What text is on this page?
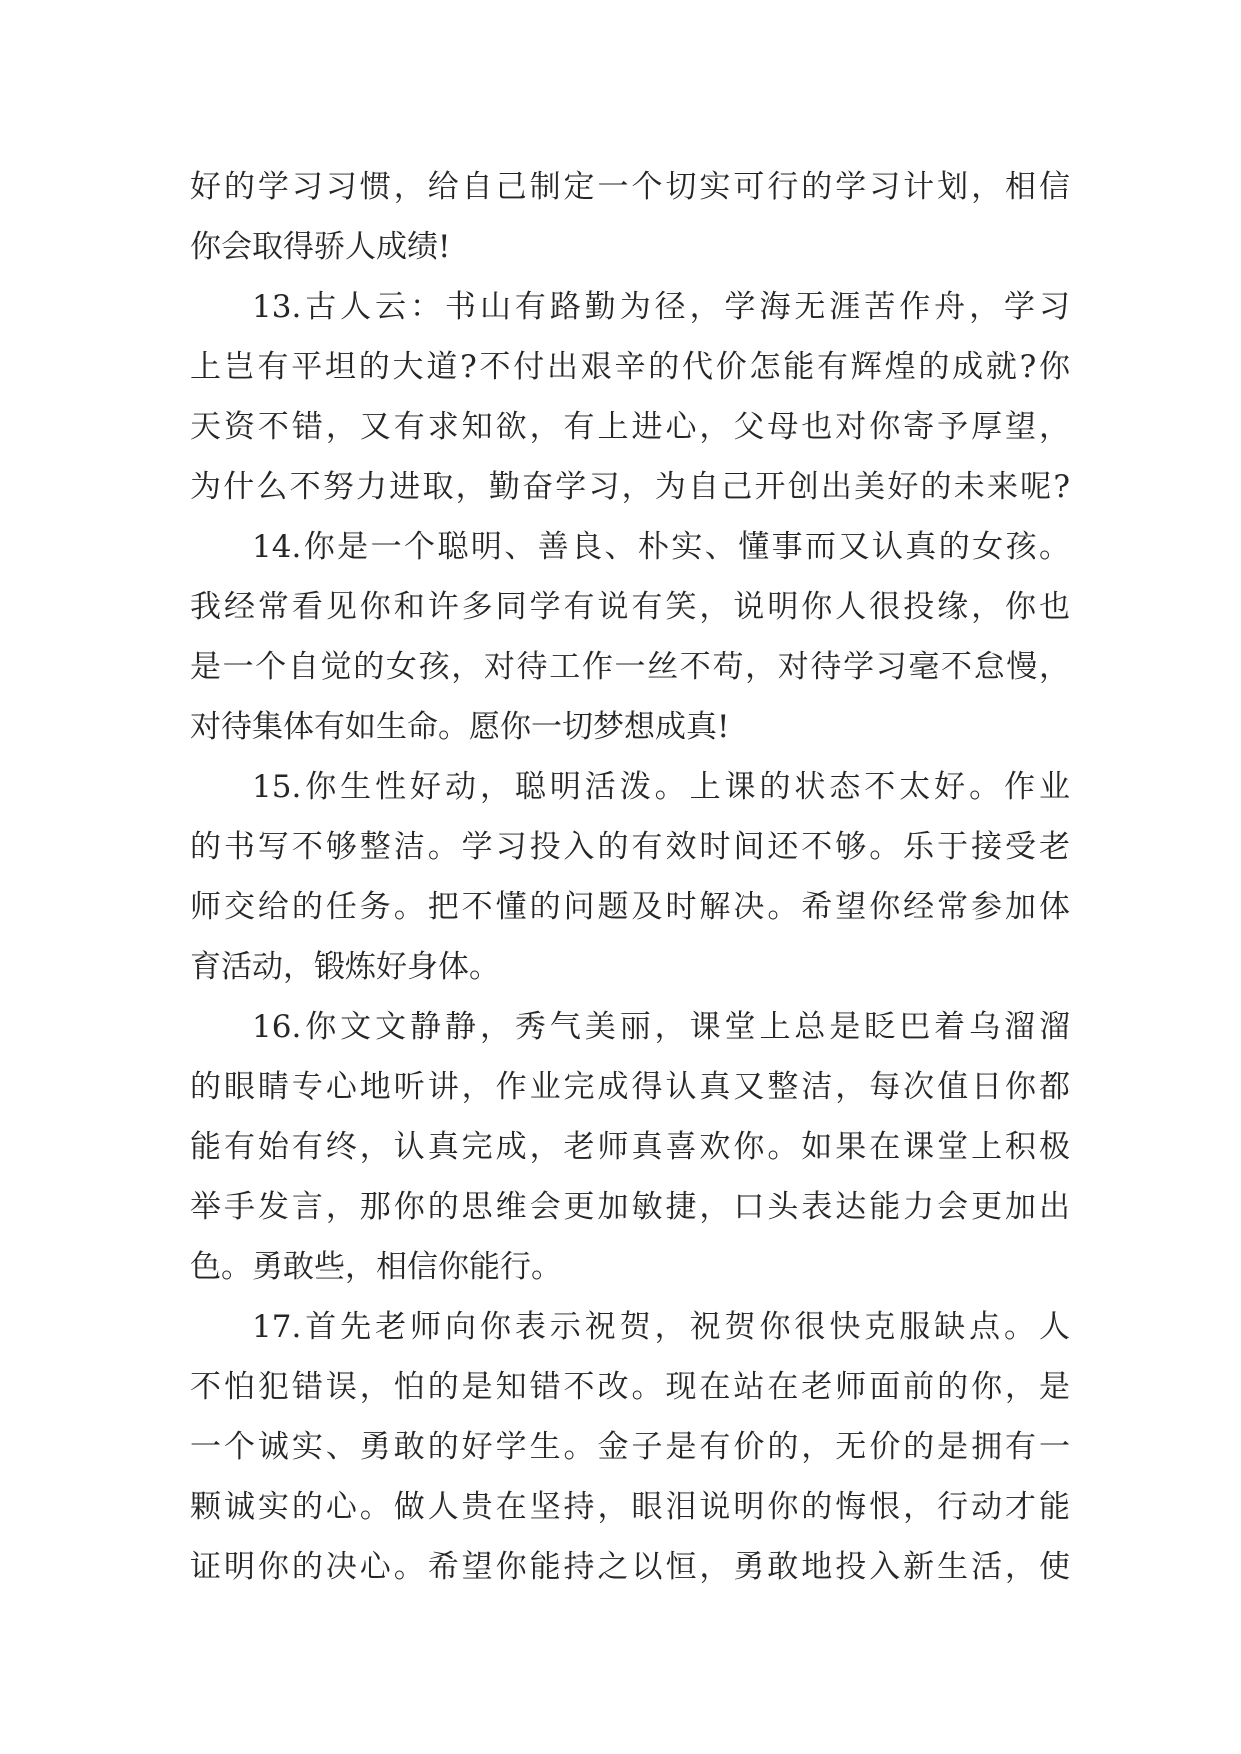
好的学习习惯，给自己制定一个切实可行的学习计划，相信
你会取得骄人成绩!
13.古人云：书山有路勤为径，学海无涯苦作舟，学习
上岂有平坦的大道?不付出艰辛的代价怎能有辉煌的成就?你
天资不错，又有求知欲，有上进心，父母也对你寄予厚望，
为什么不努力进取，勤奋学习，为自己开创出美好的未来呢?
14.你是一个聪明、善良、朴实、懂事而又认真的女孩。
我经常看见你和许多同学有说有笑，说明你人很投缘，你也
是一个自觉的女孩，对待工作一丝不苟，对待学习毫不怠慢，
对待集体有如生命。愿你一切梦想成真!
15.你生性好动，聪明活泼。上课的状态不太好。作业
的书写不够整洁。学习投入的有效时间还不够。乐于接受老
师交给的任务。把不懂的问题及时解决。希望你经常参加体
育活动，锻炼好身体。
16.你文文静静，秀气美丽，课堂上总是眨巴着乌溜溜
的眼睛专心地听讲，作业完成得认真又整洁，每次值日你都
能有始有终，认真完成，老师真喜欢你。如果在课堂上积极
举手发言，那你的思维会更加敏捷，口头表达能力会更加出
色。勇敢些，相信你能行。
17.首先老师向你表示祝贺，祝贺你很快克服缺点。人
不怕犯错误，怕的是知错不改。现在站在老师面前的你，是
一个诚实、勇敢的好学生。金子是有价的，无价的是拥有一
颗诚实的心。做人贵在坚持，眼泪说明你的悔恨，行动才能
证明你的决心。希望你能持之以恒，勇敢地投入新生活，使
